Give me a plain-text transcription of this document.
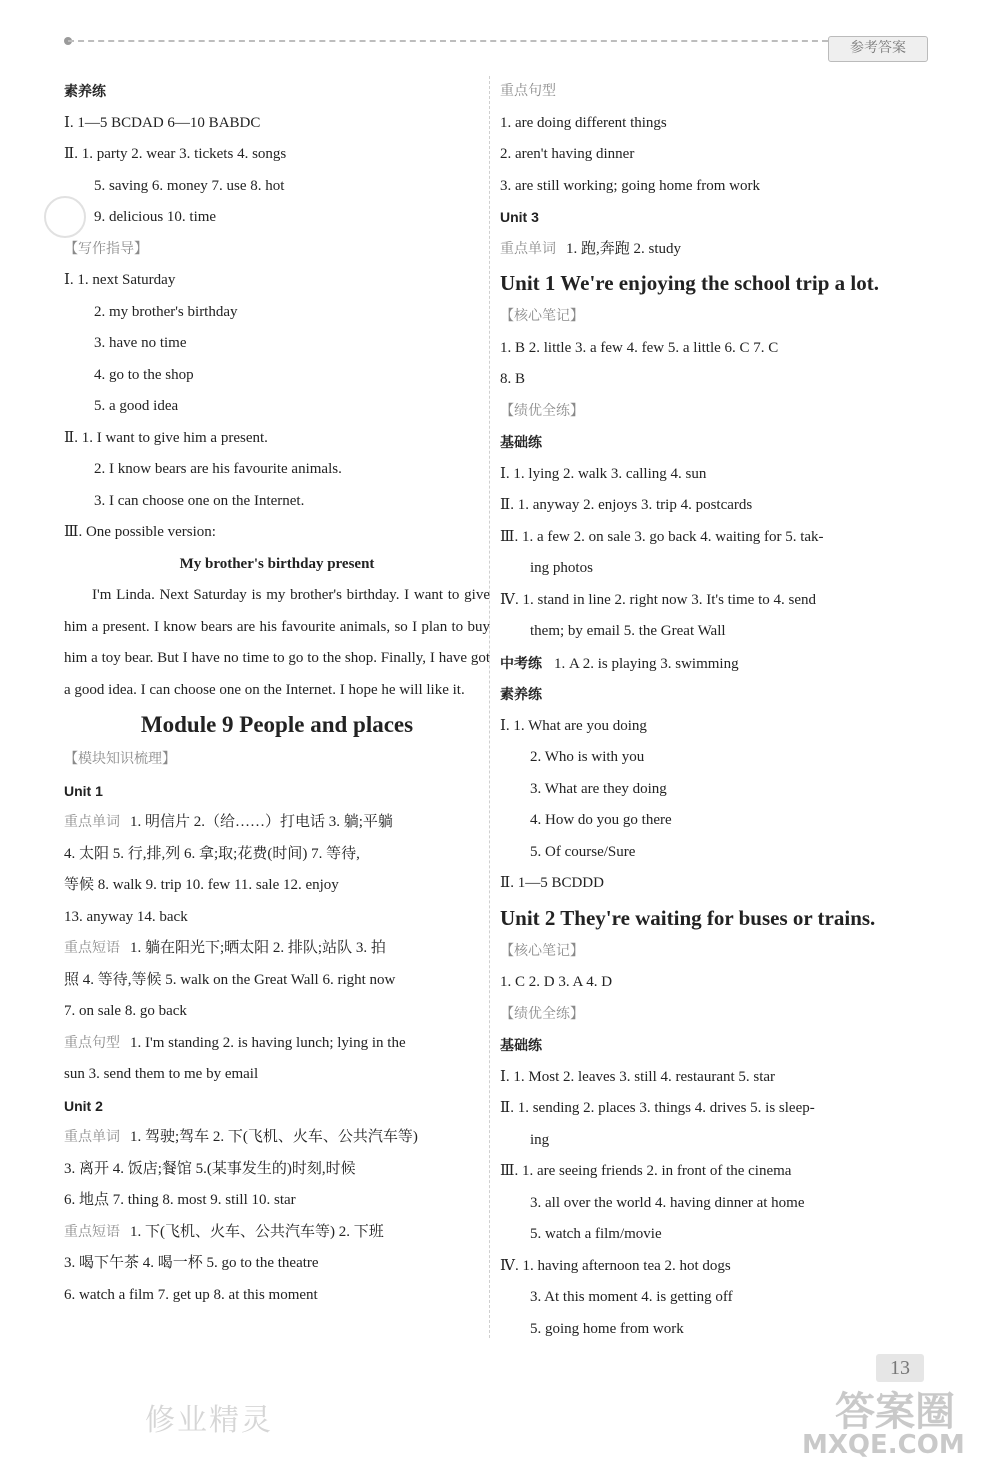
参考答案
素养练
Ⅰ. 1—5 BCDAD 6—10 BABDC
Ⅱ. 1. party 2. wear 3. tickets 4. songs
5. saving 6. money 7. use 8. hot
9. delicious 10. time
【写作指导】
Ⅰ. 1. next Saturday
2. my brother's birthday
3. have no time
4. go to the shop
5. a good idea
Ⅱ. 1. I want to give him a present.
2. I know bears are his favourite animals.
3. I can choose one on the Internet.
Ⅲ. One possible version:
My brother's birthday present
I'm Linda. Next Saturday is my brother's birthday. I want to give him a present. I know bears are his favourite animals, so I plan to buy him a toy bear. But I have no time to go to the shop. Finally, I have got a good idea. I can choose one on the Internet. I hope he will like it.
Module 9 People and places
【模块知识梳理】
Unit 1
重点单词 1. 明信片 2.（给……）打电话 3. 躺;平躺
4. 太阳 5. 行,排,列 6. 拿;取;花费(时间) 7. 等待,
等候 8. walk 9. trip 10. few 11. sale 12. enjoy
13. anyway 14. back
重点短语 1. 躺在阳光下;晒太阳 2. 排队;站队 3. 拍
照 4. 等待,等候 5. walk on the Great Wall 6. right now
7. on sale 8. go back
重点句型 1. I'm standing 2. is having lunch; lying in the
sun 3. send them to me by email
Unit 2
重点单词 1. 驾驶;驾车 2. 下(飞机、火车、公共汽车等)
3. 离开 4. 饭店;餐馆 5.(某事发生的)时刻,时候
6. 地点 7. thing 8. most 9. still 10. star
重点短语 1. 下(飞机、火车、公共汽车等) 2. 下班
3. 喝下午茶 4. 喝一杯 5. go to the theatre
6. watch a film 7. get up 8. at this moment
重点句型
1. are doing different things
2. aren't having dinner
3. are still working; going home from work
Unit 3
重点单词 1. 跑,奔跑 2. study
Unit 1 We're enjoying the school trip a lot.
【核心笔记】
1. B 2. little 3. a few 4. few 5. a little 6. C 7. C
8. B
【绩优全练】
基础练
Ⅰ. 1. lying 2. walk 3. calling 4. sun
Ⅱ. 1. anyway 2. enjoys 3. trip 4. postcards
Ⅲ. 1. a few 2. on sale 3. go back 4. waiting for 5. tak-
ing photos
Ⅳ. 1. stand in line 2. right now 3. It's time to 4. send
them; by email 5. the Great Wall
中考练 1. A 2. is playing 3. swimming
素养练
Ⅰ. 1. What are you doing
2. Who is with you
3. What are they doing
4. How do you go there
5. Of course/Sure
Ⅱ. 1—5 BCDDD
Unit 2 They're waiting for buses or trains.
【核心笔记】
1. C 2. D 3. A 4. D
【绩优全练】
基础练
Ⅰ. 1. Most 2. leaves 3. still 4. restaurant 5. star
Ⅱ. 1. sending 2. places 3. things 4. drives 5. is sleep-
ing
Ⅲ. 1. are seeing friends 2. in front of the cinema
3. all over the world 4. having dinner at home
5. watch a film/movie
Ⅳ. 1. having afternoon tea 2. hot dogs
3. At this moment 4. is getting off
5. going home from work
13
修业精灵	答案圈
MXQE.COM
